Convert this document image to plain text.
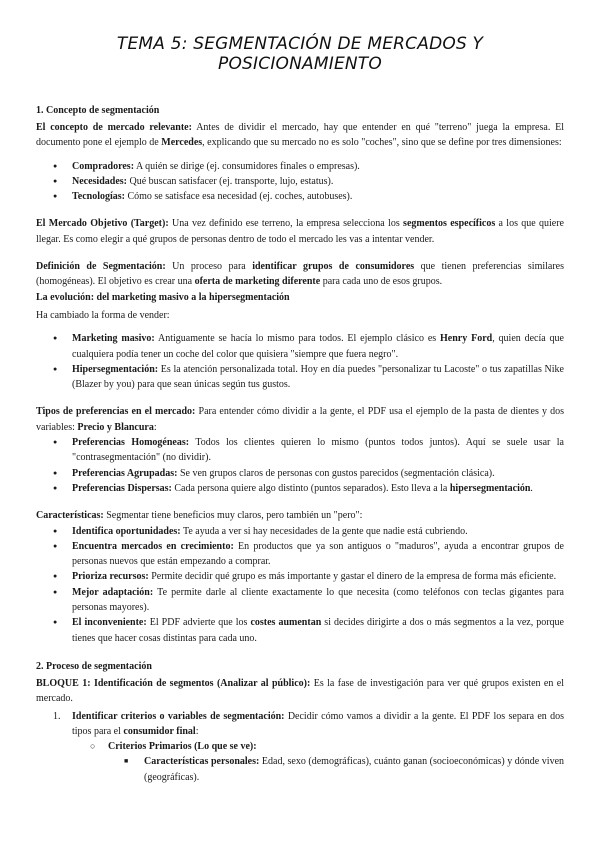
TEMA 5: SEGMENTACIÓN DE MERCADOS Y POSICIONAMIENTO
1. Concepto de segmentación

El concepto de mercado relevante: Antes de dividir el mercado, hay que entender en qué "terreno" juega la empresa. El documento pone el ejemplo de Mercedes, explicando que su mercado no es solo "coches", sino que se define por tres dimensiones:

● Compradores: A quién se dirige (ej. consumidores finales o empresas).
● Necesidades: Qué buscan satisfacer (ej. transporte, lujo, estatus).
● Tecnologías: Cómo se satisface esa necesidad (ej. coches, autobuses).

El Mercado Objetivo (Target): Una vez definido ese terreno, la empresa selecciona los segmentos específicos a los que quiere llegar. Es como elegir a qué grupos de personas dentro de todo el mercado les vas a intentar vender.

Definición de Segmentación: Un proceso para identificar grupos de consumidores que tienen preferencias similares (homogéneas). El objetivo es crear una oferta de marketing diferente para cada uno de esos grupos.

La evolución: del marketing masivo a la hipersegmentación

Ha cambiado la forma de vender:

● Marketing masivo: Antiguamente se hacía lo mismo para todos. El ejemplo clásico es Henry Ford, quien decía que cualquiera podía tener un coche del color que quisiera "siempre que fuera negro".
● Hipersegmentación: Es la atención personalizada total. Hoy en día puedes "personalizar tu Lacoste" o tus zapatillas Nike (Blazer by you) para que sean únicas según tus gustos.

Tipos de preferencias en el mercado: Para entender cómo dividir a la gente, el PDF usa el ejemplo de la pasta de dientes y dos variables: Precio y Blancura:

● Preferencias Homogéneas: Todos los clientes quieren lo mismo (puntos todos juntos). Aquí se suele usar la "contrasegmentación" (no dividir).
● Preferencias Agrupadas: Se ven grupos claros de personas con gustos parecidos (segmentación clásica).
● Preferencias Dispersas: Cada persona quiere algo distinto (puntos separados). Esto lleva a la hipersegmentación.

Características: Segmentar tiene beneficios muy claros, pero también un "pero":

● Identifica oportunidades: Te ayuda a ver si hay necesidades de la gente que nadie está cubriendo.
● Encuentra mercados en crecimiento: En productos que ya son antiguos o "maduros", ayuda a encontrar grupos de personas nuevos que están empezando a comprar.
● Prioriza recursos: Permite decidir qué grupo es más importante y gastar el dinero de la empresa de forma más eficiente.
● Mejor adaptación: Te permite darle al cliente exactamente lo que necesita (como teléfonos con teclas gigantes para personas mayores).
● El inconveniente: El PDF advierte que los costes aumentan si decides dirigirte a dos o más segmentos a la vez, porque tienes que hacer cosas distintas para cada uno.
2. Proceso de segmentación

BLOQUE 1: Identificación de segmentos (Analizar al público): Es la fase de investigación para ver qué grupos existen en el mercado.

1. Identificar criterios o variables de segmentación: Decidir cómo vamos a dividir a la gente. El PDF los separa en dos tipos para el consumidor final:
○ Criterios Primarios (Lo que se ve):
■ Características personales: Edad, sexo (demográficas), cuánto ganan (socioeconómicas) y dónde viven (geográficas).
